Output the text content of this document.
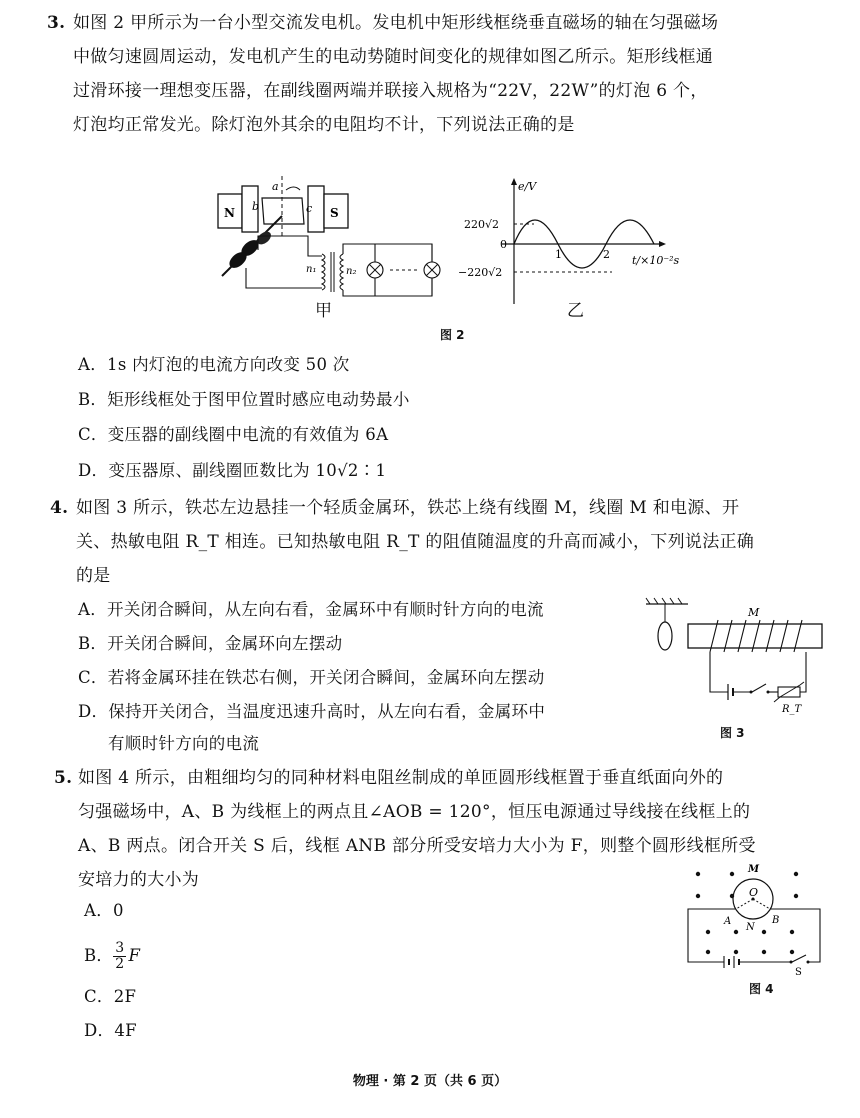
3. 如图 2 甲所示为一台小型交流发电机。发电机中矩形线框绕垂直磁场的轴在匀强磁场
中做匀速圆周运动，发电机产生的电动势随时间变化的规律如图乙所示。矩形线框通
过滑环接一理想变压器，在副线圈两端并联接入规格为“22V，22W”的灯泡 6 个，
灯泡均正常发光。除灯泡外其余的电阻均不计，下列说法正确的是
N	S
a
b	c
n₁	n₂
甲
e/V
t/×10⁻²s
0
220√2
−220√2
1	2
乙
图 2
A．1s 内灯泡的电流方向改变 50 次
B．矩形线框处于图甲位置时感应电动势最小
C．变压器的副线圈中电流的有效值为 6A
D．变压器原、副线圈匝数比为 10√2∶1
4. 如图 3 所示，铁芯左边悬挂一个轻质金属环，铁芯上绕有线圈 M，线圈 M 和电源、开
关、热敏电阻 R_T 相连。已知热敏电阻 R_T 的阻值随温度的升高而减小，下列说法正确
的是
A．开关闭合瞬间，从左向右看，金属环中有顺时针方向的电流
B．开关闭合瞬间，金属环向左摆动
C．若将金属环挂在铁芯右侧，开关闭合瞬间，金属环向左摆动
D．保持开关闭合，当温度迅速升高时，从左向右看，金属环中
有顺时针方向的电流
M
R_T
图 3
5. 如图 4 所示，由粗细均匀的同种材料电阻丝制成的单匝圆形线框置于垂直纸面向外的
匀强磁场中，A、B 为线框上的两点且∠AOB = 120°，恒压电源通过导线接在线框上的
A、B 两点。闭合开关 S 后，线框 ANB 部分所受安培力大小为 F，则整个圆形线框所受
安培力的大小为
A．0
B． $\frac{3}{2}$ F
C．2F
D．4F
M
O
A	B
N
S
图 4
物理 · 第 2 页（共 6 页）
